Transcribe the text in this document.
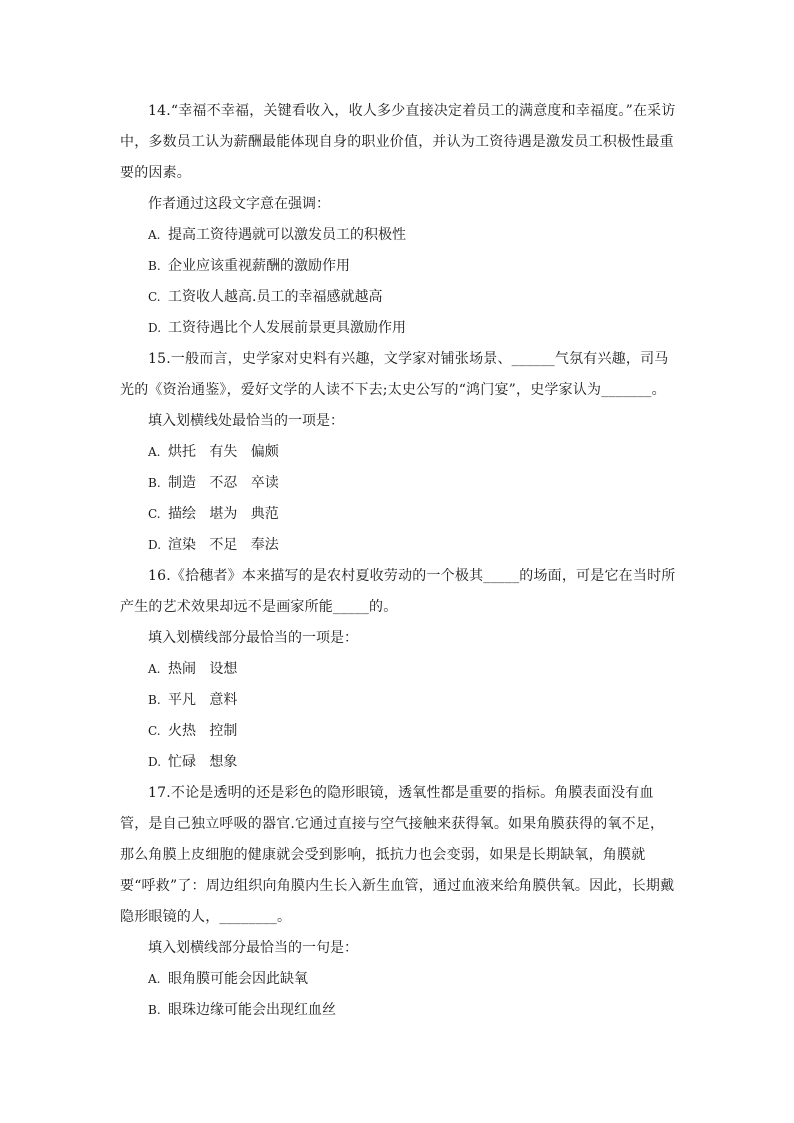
14.“幸福不幸福，关键看收入，收人多少直接决定着员工的满意度和幸福度。”在采访中，多数员工认为薪酬最能体现自身的职业价值，并认为工资待遇是激发员工积极性最重要的因素。

作者通过这段文字意在强调：

A. 提高工资待遇就可以激发员工的积极性

B. 企业应该重视薪酬的激励作用

C. 工资收人越高.员工的幸福感就越高

D. 工资待遇比个人发展前景更具激励作用

15.一般而言，史学家对史料有兴趣，文学家对铺张场景、______气氛有兴趣，司马光的《资治通鉴》，爱好文学的人读不下去;太史公写的“鸿门宴”，史学家认为_______。

填入划横线处最恰当的一项是：

A. 烘托   有失   偏颇

B. 制造   不忍   卒读

C. 描绘   堪为   典范

D. 渲染   不足   奉法

16.《拾穗者》本来描写的是农村夏收劳动的一个极其_____的场面，可是它在当时所产生的艺术效果却远不是画家所能_____的。

填入划横线部分最恰当的一项是：

A. 热闹   设想

B. 平凡   意料

C. 火热   控制

D. 忙碌   想象

17.不论是透明的还是彩色的隐形眼镜，透氧性都是重要的指标。角膜表面没有血管，是自己独立呼吸的器官.它通过直接与空气接触来获得氧。如果角膜获得的氧不足，那么角膜上皮细胞的健康就会受到影响，抵抗力也会变弱，如果是长期缺氧，角膜就要“呼救”了：周边组织向角膜内生长入新生血管，通过血液来给角膜供氧。因此，长期戴隐形眼镜的人，________。

填入划横线部分最恰当的一句是：

A. 眼角膜可能会因此缺氧

B. 眼珠边缘可能会出现红血丝
